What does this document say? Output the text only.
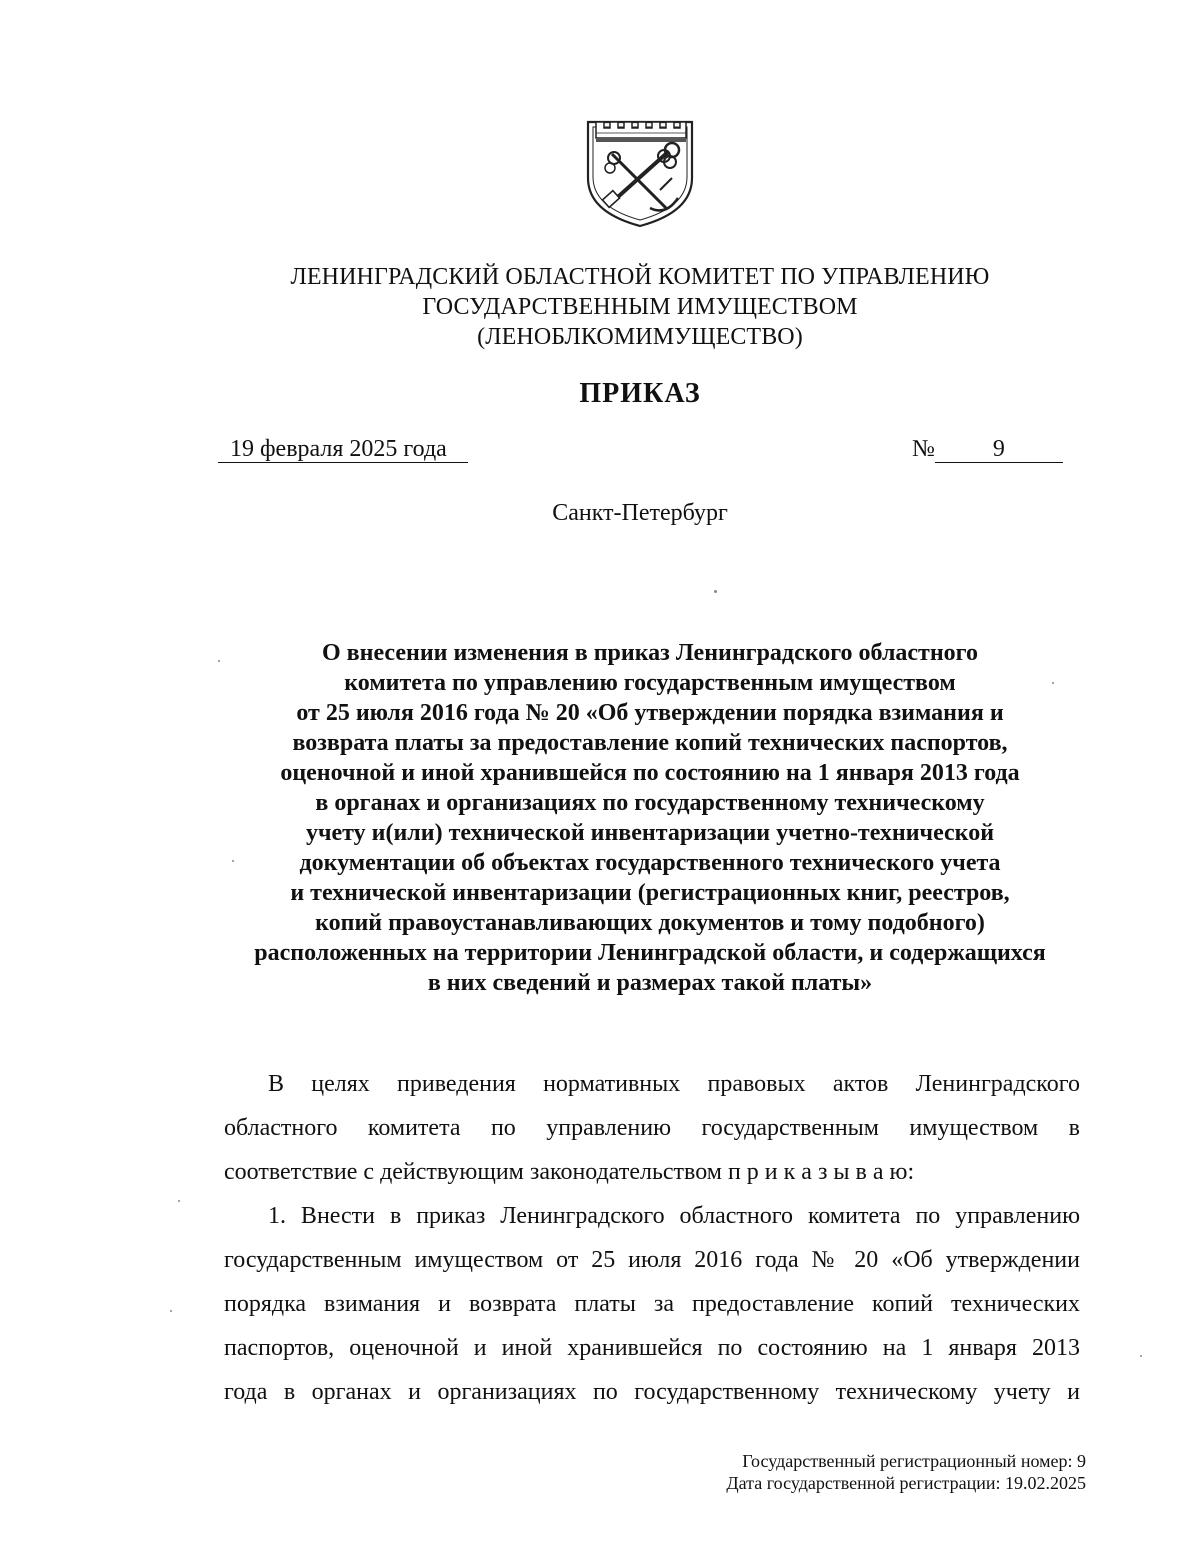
ЛЕНИНГРАДСКИЙ ОБЛАСТНОЙ КОМИТЕТ ПО УПРАВЛЕНИЮ
ГОСУДАРСТВЕННЫМ ИМУЩЕСТВОМ
(ЛЕНОБЛКОМИМУЩЕСТВО)
ПРИКАЗ
19 февраля 2025 года	№ 9
Санкт-Петербург
О внесении изменения в приказ Ленинградского областного
комитета по управлению государственным имуществом
от 25 июля 2016 года № 20 «Об утверждении порядка взимания и
возврата платы за предоставление копий технических паспортов,
оценочной и иной хранившейся по состоянию на 1 января 2013 года
в органах и организациях по государственному техническому
учету и(или) технической инвентаризации учетно-технической
документации об объектах государственного технического учета
и технической инвентаризации (регистрационных книг, реестров,
копий правоустанавливающих документов и тому подобного)
расположенных на территории Ленинградской области, и содержащихся
в них сведений и размерах такой платы»
В целях приведения нормативных правовых актов Ленинградского
областного комитета по управлению государственным имуществом в
соответствие с действующим законодательством п р и к а з ы в а ю:
1. Внести в приказ Ленинградского областного комитета по управлению
государственным имуществом от 25 июля 2016 года № 20 «Об утверждении
порядка взимания и возврата платы за предоставление копий технических
паспортов, оценочной и иной хранившейся по состоянию на 1 января 2013
года в органах и организациях по государственному техническому учету и
Государственный регистрационный номер: 9
Дата государственной регистрации: 19.02.2025
